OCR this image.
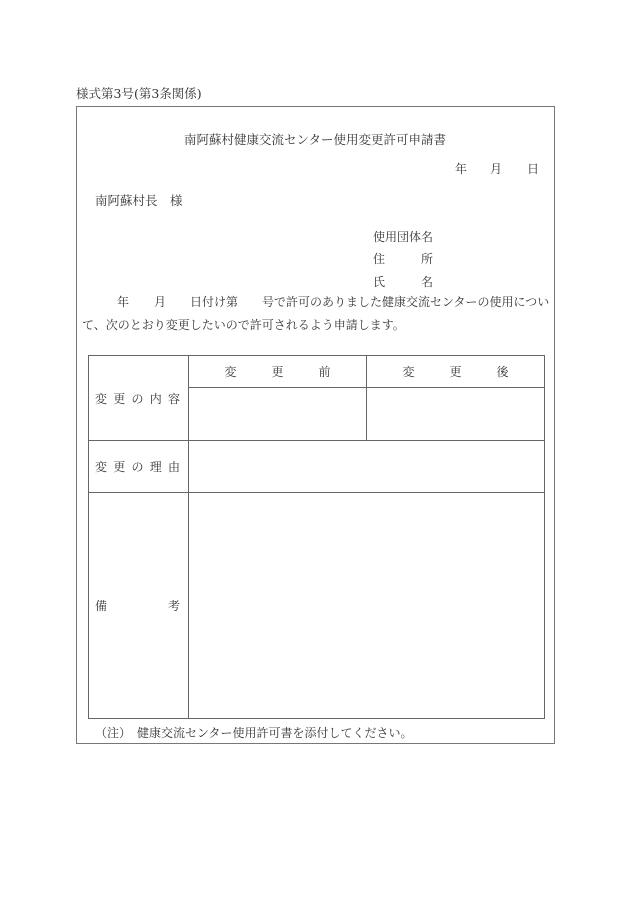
様式第3号(第3条関係)
南阿蘇村健康交流センター使用変更許可申請書
年 月 日
南阿蘇村長　様
使用団体名
住	所
氏	名
年 月 日付け第 号で許可のありました健康交流センターの使用につい
て、次のとおり変更したいので許可されるよう申請します。
変 更 の 内 容	変 更 前	変 更 後

変 更 の 理 由		

備 考		

（注）　健康交流センター使用許可書を添付してください。
